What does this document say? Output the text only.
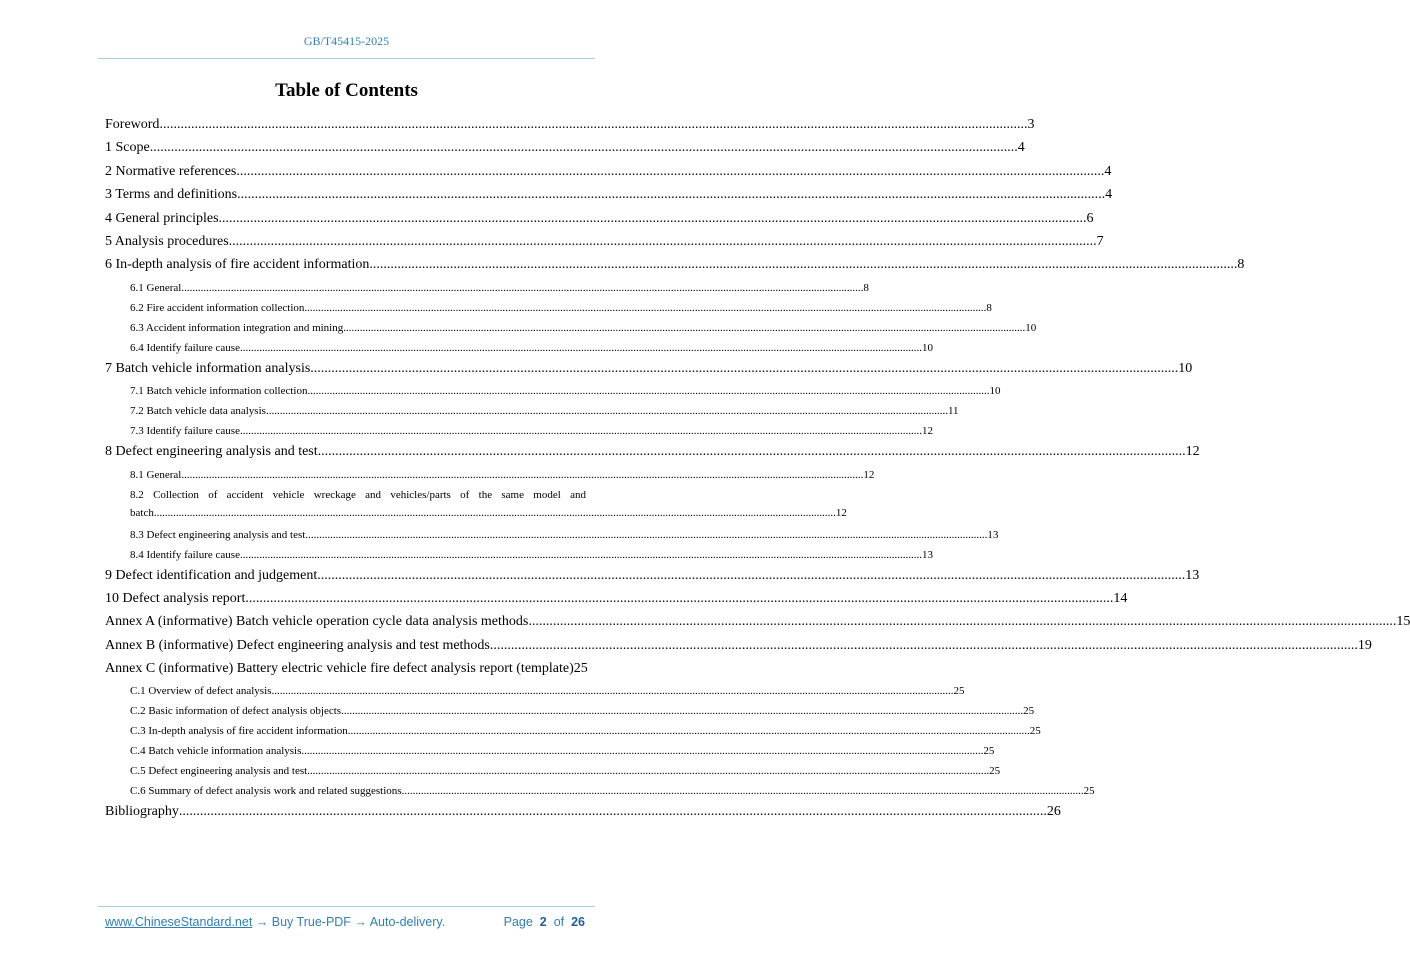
GB/T45415-2025
Table of Contents
Foreword .....	3
1 Scope .....	4
2 Normative references .....	4
3 Terms and definitions .....	4
4 General principles .....	6
5 Analysis procedures .....	7
6 In-depth analysis of fire accident information .....	8
6.1 General .....	8
6.2 Fire accident information collection .....	8
6.3 Accident information integration and mining .....	10
6.4 Identify failure cause .....	10
7 Batch vehicle information analysis .....	10
7.1 Batch vehicle information collection .....	10
7.2 Batch vehicle data analysis .....	11
7.3 Identify failure cause .....	12
8 Defect engineering analysis and test .....	12
8.1 General .....	12
8.2 Collection of accident vehicle wreckage and vehicles/parts of the same model and
batch .....	12
8.3 Defect engineering analysis and test .....	13
8.4 Identify failure cause .....	13
9 Defect identification and judgement .....	13
10 Defect analysis report .....	14
Annex A (informative) Batch vehicle operation cycle data analysis methods .....	15
Annex B (informative) Defect engineering analysis and test methods .....	19
Annex C (informative) Battery electric vehicle fire defect analysis report (template) 25
C.1 Overview of defect analysis .....	25
C.2 Basic information of defect analysis objects .....	25
C.3 In-depth analysis of fire accident information .....	25
C.4 Batch vehicle information analysis .....	25
C.5 Defect engineering analysis and test .....	25
C.6 Summary of defect analysis work and related suggestions .....	25
Bibliography .....	26
www.ChineseStandard.net → Buy True-PDF → Auto-delivery.	Page 2 of 26
